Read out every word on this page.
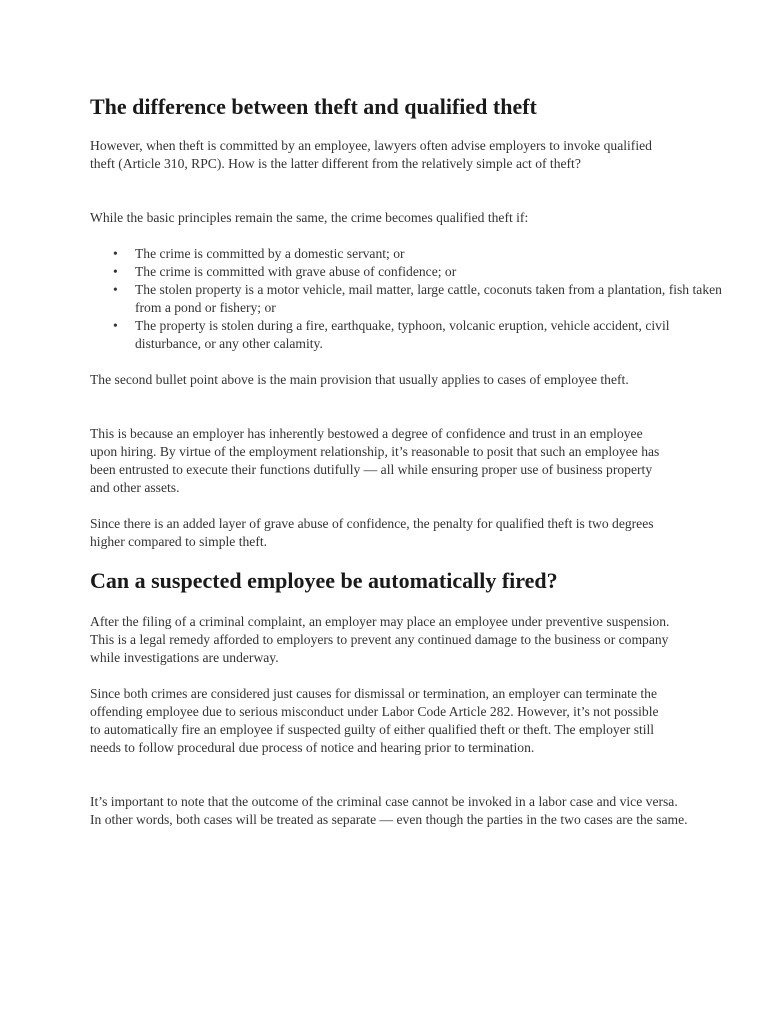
The difference between theft and qualified theft

However, when theft is committed by an employee, lawyers often advise employers to invoke qualified theft (Article 310, RPC). How is the latter different from the relatively simple act of theft?

While the basic principles remain the same, the crime becomes qualified theft if:

• The crime is committed by a domestic servant; or
• The crime is committed with grave abuse of confidence; or
• The stolen property is a motor vehicle, mail matter, large cattle, coconuts taken from a plantation, fish taken from a pond or fishery; or
• The property is stolen during a fire, earthquake, typhoon, volcanic eruption, vehicle accident, civil disturbance, or any other calamity.

The second bullet point above is the main provision that usually applies to cases of employee theft.

This is because an employer has inherently bestowed a degree of confidence and trust in an employee upon hiring. By virtue of the employment relationship, it’s reasonable to posit that such an employee has been entrusted to execute their functions dutifully — all while ensuring proper use of business property and other assets.

Since there is an added layer of grave abuse of confidence, the penalty for qualified theft is two degrees higher compared to simple theft.

Can a suspected employee be automatically fired?

After the filing of a criminal complaint, an employer may place an employee under preventive suspension. This is a legal remedy afforded to employers to prevent any continued damage to the business or company while investigations are underway.

Since both crimes are considered just causes for dismissal or termination, an employer can terminate the offending employee due to serious misconduct under Labor Code Article 282. However, it’s not possible to automatically fire an employee if suspected guilty of either qualified theft or theft. The employer still needs to follow procedural due process of notice and hearing prior to termination.

It’s important to note that the outcome of the criminal case cannot be invoked in a labor case and vice versa. In other words, both cases will be treated as separate — even though the parties in the two cases are the same.
